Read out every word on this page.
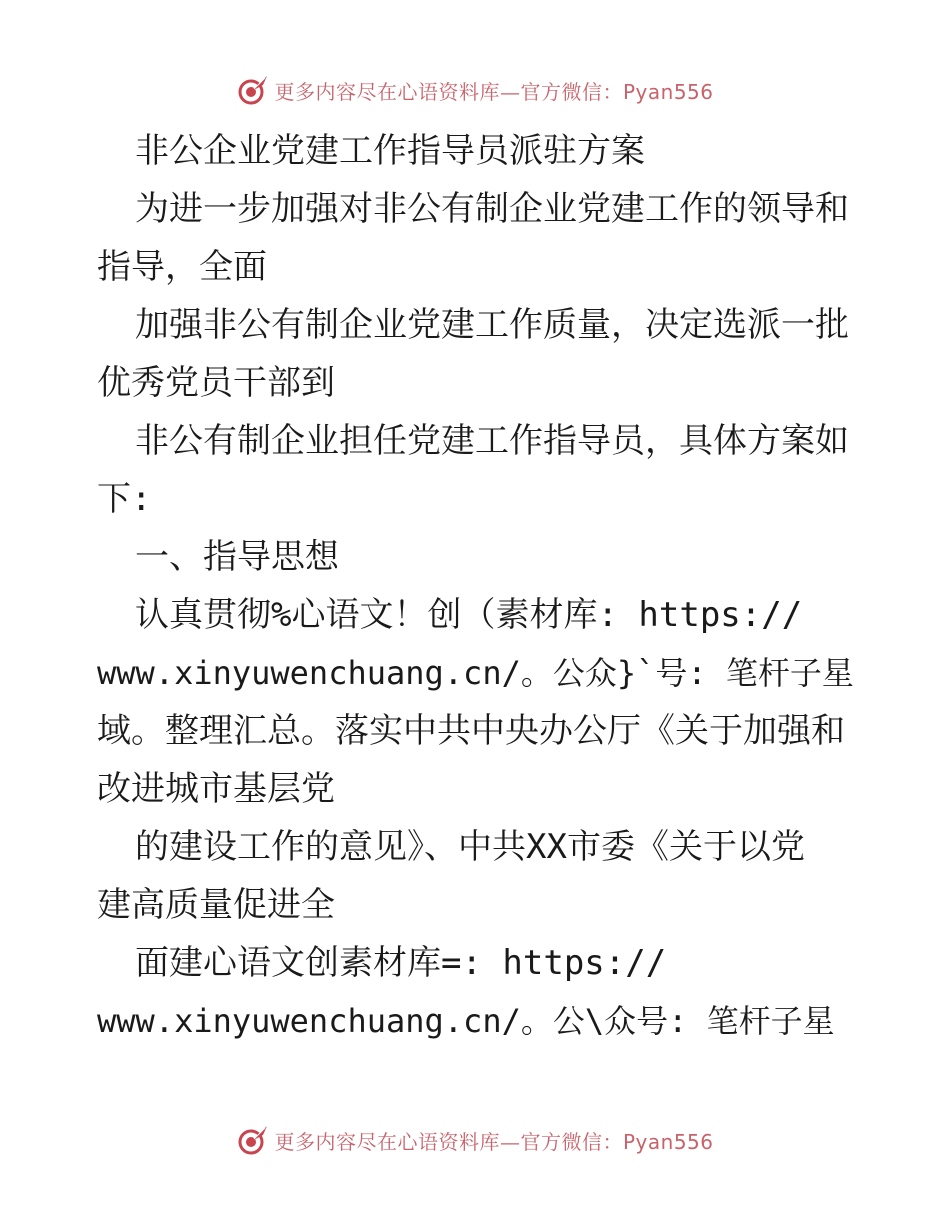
更多内容尽在心语资料库—官方微信：Pyan556
非公企业党建工作指导员派驻方案
为进一步加强对非公有制企业党建工作的领导和
指导，全面
加强非公有制企业党建工作质量，决定选派一批
优秀党员干部到
非公有制企业担任党建工作指导员，具体方案如
下:
一、指导思想
认真贯彻%心语文！创（素材库: https://
www.xinyuwenchuang.cn/。公众}`号: 笔杆子星
域。整理汇总。落实中共中央办公厅《关于加强和
改进城市基层党
的建设工作的意见》、中共XX市委《关于以党
建高质量促进全
面建心语文创素材库=: https://
www.xinyuwenchuang.cn/。公\众号: 笔杆子星
更多内容尽在心语资料库—官方微信：Pyan556
